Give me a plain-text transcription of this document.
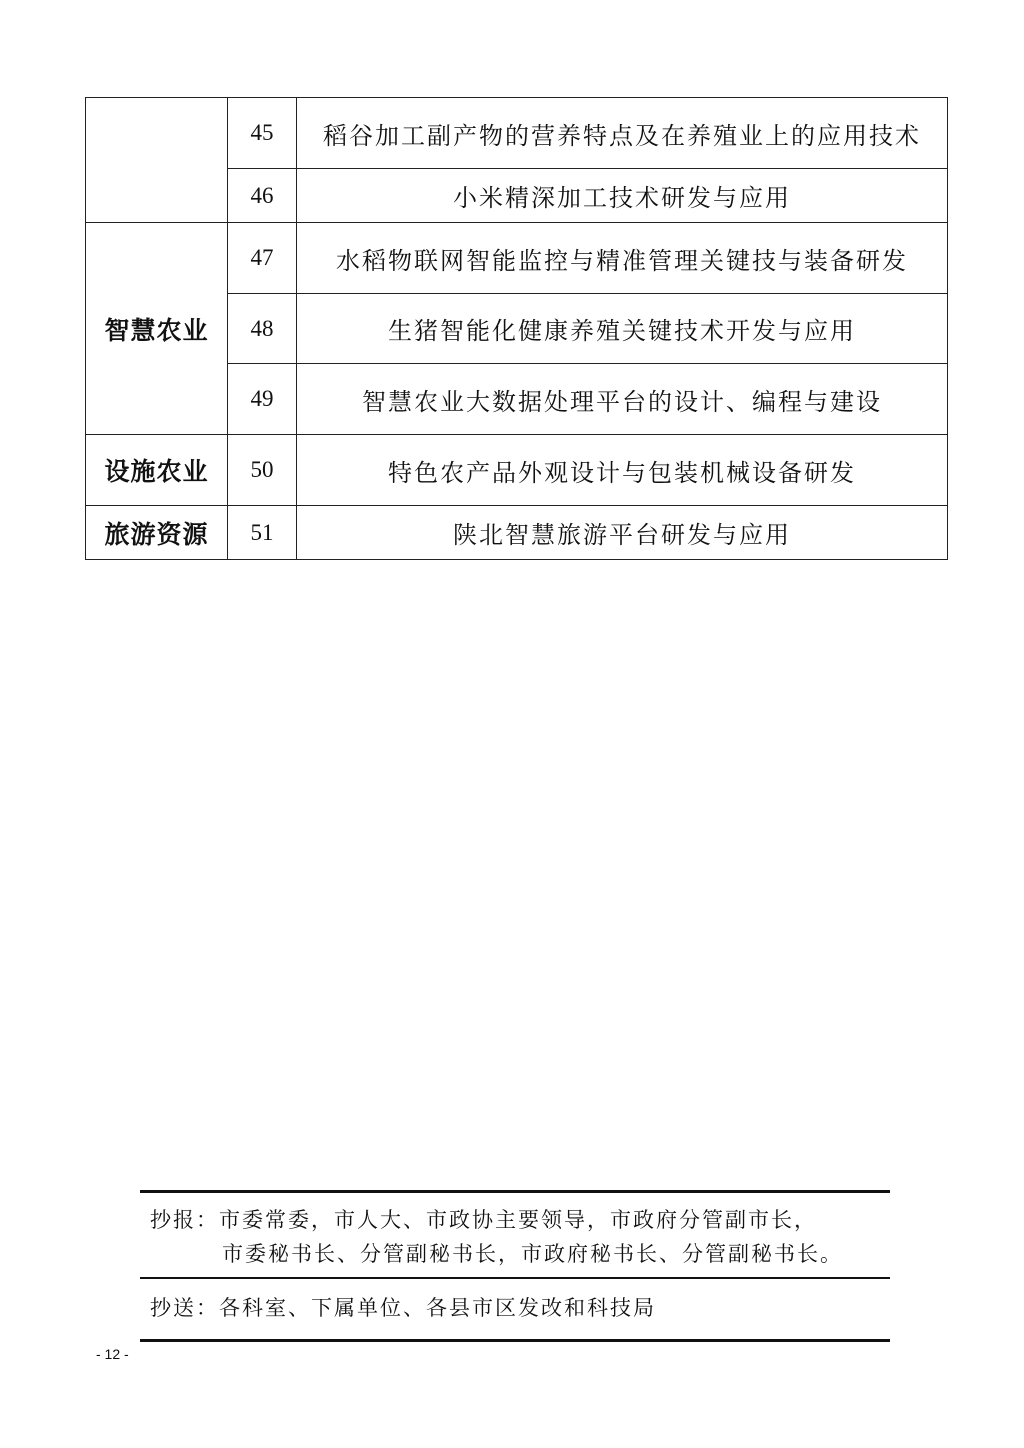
	45	稻谷加工副产物的营养特点及在养殖业上的应用技术
	46	小米精深加工技术研发与应用
智慧农业	47	水稻物联网智能监控与精准管理关键技与装备研发
	48	生猪智能化健康养殖关键技术开发与应用
	49	智慧农业大数据处理平台的设计、编程与建设
设施农业	50	特色农产品外观设计与包装机械设备研发
旅游资源	51	陕北智慧旅游平台研发与应用
抄报：市委常委，市人大、市政协主要领导，市政府分管副市长，
市委秘书长、分管副秘书长，市政府秘书长、分管副秘书长。
抄送：各科室、下属单位、各县市区发改和科技局
- 12 -
